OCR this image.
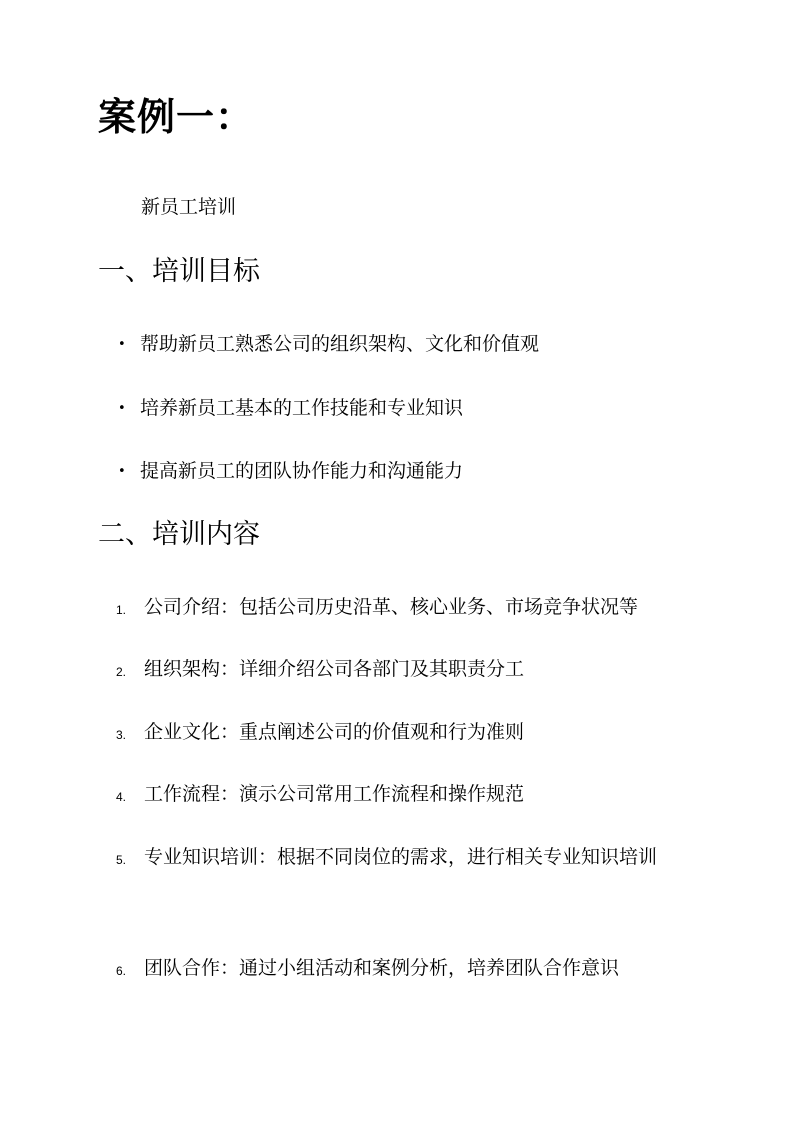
案例一：
新员工培训
一、培训目标
• 帮助新员工熟悉公司的组织架构、文化和价值观
• 培养新员工基本的工作技能和专业知识
• 提高新员工的团队协作能力和沟通能力
二、培训内容
1. 公司介绍：包括公司历史沿革、核心业务、市场竞争状况等
2. 组织架构：详细介绍公司各部门及其职责分工
3. 企业文化：重点阐述公司的价值观和行为准则
4. 工作流程：演示公司常用工作流程和操作规范
5. 专业知识培训：根据不同岗位的需求，进行相关专业知识培训
6. 团队合作：通过小组活动和案例分析，培养团队合作意识
